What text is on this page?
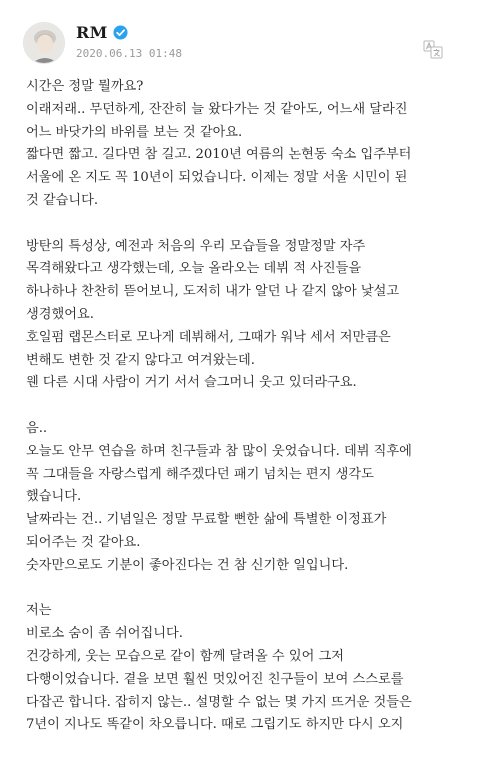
RM
2020.06.13 01:48
시간은 정말 뭘까요?
이래저래.. 무던하게, 잔잔히 늘 왔다가는 것 같아도, 어느새 달라진
어느 바닷가의 바위를 보는 것 같아요.
짧다면 짧고. 길다면 참 길고. 2010년 여름의 논현동 숙소 입주부터
서울에 온 지도 꼭 10년이 되었습니다. 이제는 정말 서울 시민이 된
것 같습니다.
방탄의 특성상, 예전과 처음의 우리 모습들을 정말정말 자주
목격해왔다고 생각했는데, 오늘 올라오는 데뷔 적 사진들을
하나하나 찬찬히 뜯어보니, 도저히 내가 알던 나 같지 않아 낯설고
생경했어요.
호일펌 랩몬스터로 모나게 데뷔해서, 그때가 워낙 세서 저만큼은
변해도 변한 것 같지 않다고 여겨왔는데.
웬 다른 시대 사람이 거기 서서 슬그머니 웃고 있더라구요.
음..
오늘도 안무 연습을 하며 친구들과 참 많이 웃었습니다. 데뷔 직후에
꼭 그대들을 자랑스럽게 해주겠다던 패기 넘치는 편지 생각도
했습니다.
날짜라는 건.. 기념일은 정말 무료할 뻔한 삶에 특별한 이정표가
되어주는 것 같아요.
숫자만으로도 기분이 좋아진다는 건 참 신기한 일입니다.
저는
비로소 숨이 좀 쉬어집니다.
건강하게, 웃는 모습으로 같이 함께 달려올 수 있어 그저
다행이었습니다. 곁을 보면 훨씬 멋있어진 친구들이 보여 스스로를
다잡곤 합니다. 잡히지 않는.. 설명할 수 없는 몇 가지 뜨거운 것들은
7년이 지나도 똑같이 차오릅니다. 때로 그립기도 하지만 다시 오지
